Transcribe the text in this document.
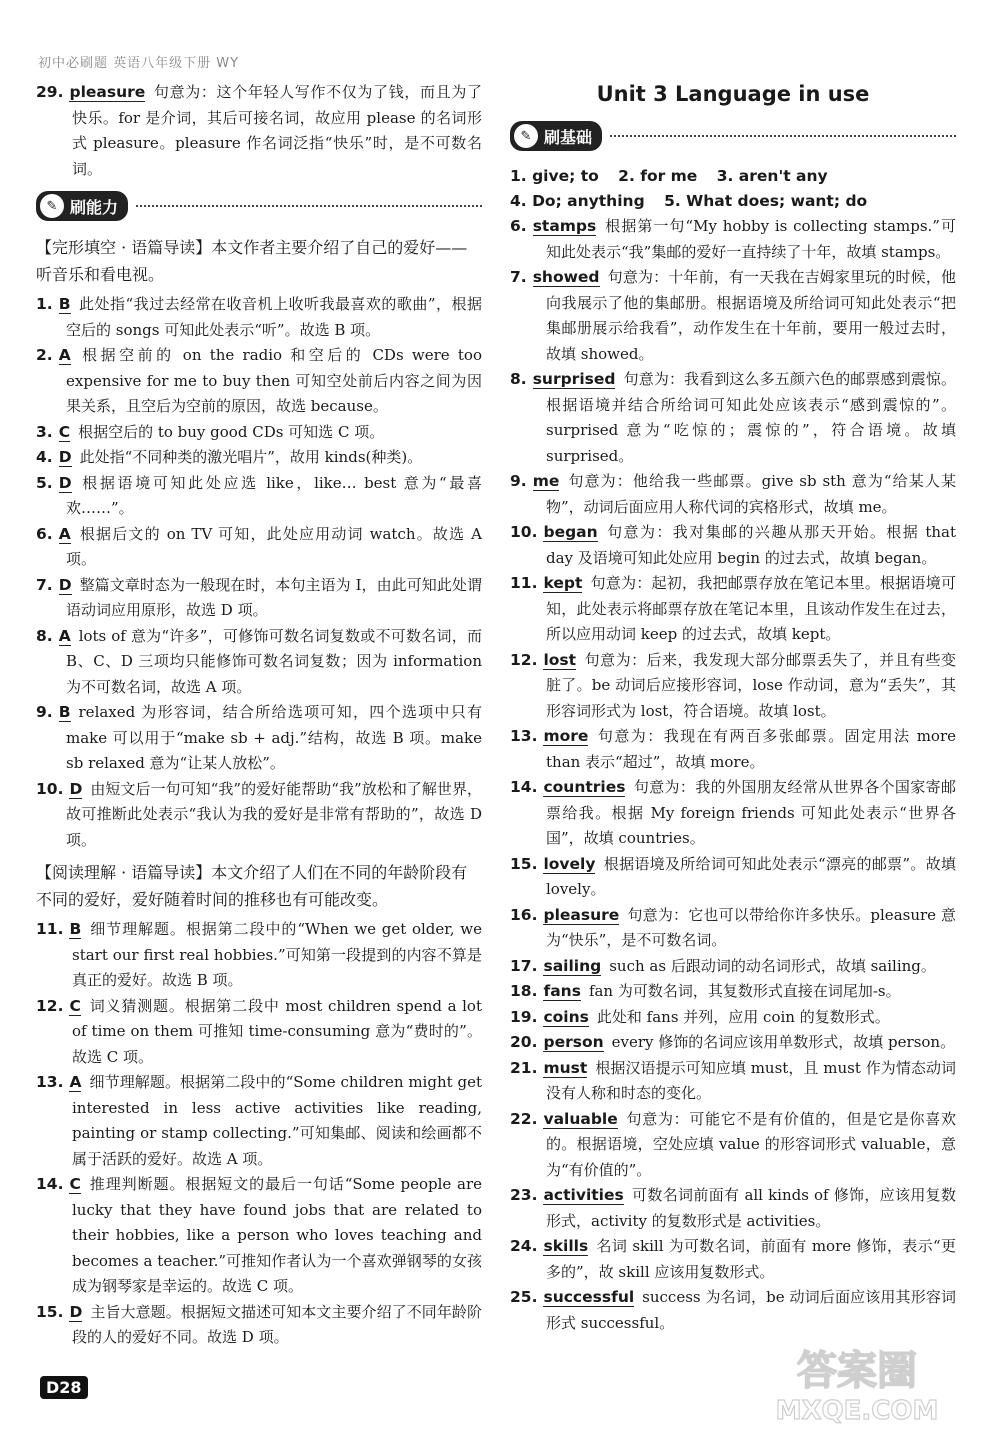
初中必刷题 英语八年级下册 WY
29. pleasure 句意为：这个年轻人写作不仅为了钱，而且为了快乐。for 是介词，其后可接名词，故应用 please 的名词形式 pleasure。pleasure 作名词泛指“快乐”时，是不可数名词。
✎ 刷能力
【完形填空 · 语篇导读】本文作者主要介绍了自己的爱好——听音乐和看电视。
1. B 此处指“我过去经常在收音机上收听我最喜欢的歌曲”，根据空后的 songs 可知此处表示“听”。故选 B 项。
2. A 根据空前的 on the radio 和空后的 CDs were too expensive for me to buy then 可知空处前后内容之间为因果关系，且空后为空前的原因，故选 because。
3. C 根据空后的 to buy good CDs 可知选 C 项。
4. D 此处指“不同种类的激光唱片”，故用 kinds(种类)。
5. D 根据语境可知此处应选 like，like… best 意为“最喜欢……”。
6. A 根据后文的 on TV 可知，此处应用动词 watch。故选 A 项。
7. D 整篇文章时态为一般现在时，本句主语为 I，由此可知此处谓语动词应用原形，故选 D 项。
8. A lots of 意为“许多”，可修饰可数名词复数或不可数名词，而 B、C、D 三项均只能修饰可数名词复数；因为 information 为不可数名词，故选 A 项。
9. B relaxed 为形容词，结合所给选项可知，四个选项中只有 make 可以用于“make sb + adj.”结构，故选 B 项。make sb relaxed 意为“让某人放松”。
10. D 由短文后一句可知“我”的爱好能帮助“我”放松和了解世界，故可推断此处表示“我认为我的爱好是非常有帮助的”，故选 D 项。
【阅读理解 · 语篇导读】本文介绍了人们在不同的年龄阶段有不同的爱好，爱好随着时间的推移也有可能改变。
11. B 细节理解题。根据第二段中的“When we get older, we start our first real hobbies.”可知第一段提到的内容不算是真正的爱好。故选 B 项。
12. C 词义猜测题。根据第二段中 most children spend a lot of time on them 可推知 time-consuming 意为“费时的”。故选 C 项。
13. A 细节理解题。根据第二段中的“Some children might get interested in less active activities like reading, painting or stamp collecting.”可知集邮、阅读和绘画都不属于活跃的爱好。故选 A 项。
14. C 推理判断题。根据短文的最后一句话“Some people are lucky that they have found jobs that are related to their hobbies, like a person who loves teaching and becomes a teacher.”可推知作者认为一个喜欢弹钢琴的女孩成为钢琴家是幸运的。故选 C 项。
15. D 主旨大意题。根据短文描述可知本文主要介绍了不同年龄阶段的人的爱好不同。故选 D 项。
Unit 3 Language in use
✎ 刷基础
1. give; to 2. for me 3. aren't any
4. Do; anything 5. What does; want; do
6. stamps 根据第一句“My hobby is collecting stamps.”可知此处表示“我”集邮的爱好一直持续了十年，故填 stamps。
7. showed 句意为：十年前，有一天我在吉姆家里玩的时候，他向我展示了他的集邮册。根据语境及所给词可知此处表示“把集邮册展示给我看”，动作发生在十年前，要用一般过去时，故填 showed。
8. surprised 句意为：我看到这么多五颜六色的邮票感到震惊。根据语境并结合所给词可知此处应该表示“感到震惊的”。surprised 意为“吃惊的；震惊的”，符合语境。故填 surprised。
9. me 句意为：他给我一些邮票。give sb sth 意为“给某人某物”，动词后面应用人称代词的宾格形式，故填 me。
10. began 句意为：我对集邮的兴趣从那天开始。根据 that day 及语境可知此处应用 begin 的过去式，故填 began。
11. kept 句意为：起初，我把邮票存放在笔记本里。根据语境可知，此处表示将邮票存放在笔记本里，且该动作发生在过去，所以应用动词 keep 的过去式，故填 kept。
12. lost 句意为：后来，我发现大部分邮票丢失了，并且有些变脏了。be 动词后应接形容词，lose 作动词，意为“丢失”，其形容词形式为 lost，符合语境。故填 lost。
13. more 句意为：我现在有两百多张邮票。固定用法 more than 表示“超过”，故填 more。
14. countries 句意为：我的外国朋友经常从世界各个国家寄邮票给我。根据 My foreign friends 可知此处表示“世界各国”，故填 countries。
15. lovely 根据语境及所给词可知此处表示“漂亮的邮票”。故填 lovely。
16. pleasure 句意为：它也可以带给你许多快乐。pleasure 意为“快乐”，是不可数名词。
17. sailing such as 后跟动词的动名词形式，故填 sailing。
18. fans fan 为可数名词，其复数形式直接在词尾加-s。
19. coins 此处和 fans 并列，应用 coin 的复数形式。
20. person every 修饰的名词应该用单数形式，故填 person。
21. must 根据汉语提示可知应填 must，且 must 作为情态动词没有人称和时态的变化。
22. valuable 句意为：可能它不是有价值的，但是它是你喜欢的。根据语境，空处应填 value 的形容词形式 valuable，意为“有价值的”。
23. activities 可数名词前面有 all kinds of 修饰，应该用复数形式，activity 的复数形式是 activities。
24. skills 名词 skill 为可数名词，前面有 more 修饰，表示“更多的”，故 skill 应该用复数形式。
25. successful success 为名词，be 动词后面应该用其形容词形式 successful。
D28	答案圈
MXQE.COM
